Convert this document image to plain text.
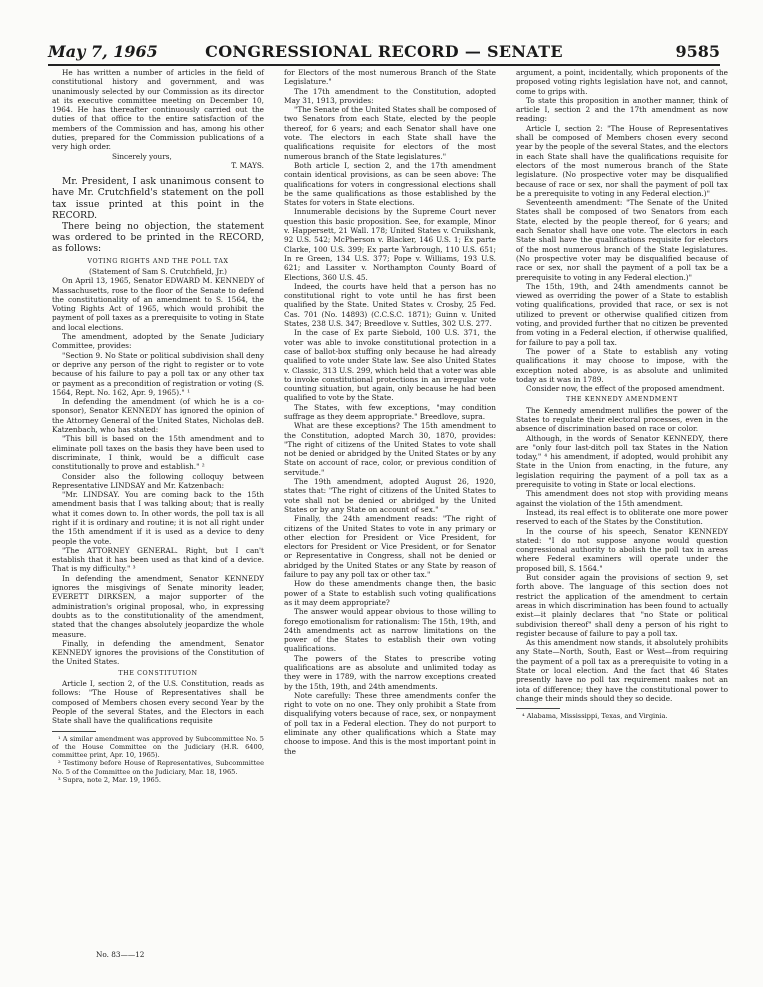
May 7, 1965	CONGRESSIONAL RECORD — SENATE	9585

He has written a number of articles in the field of constitutional history and government, and was unanimously selected by our Commission as its director at its executive committee meeting on December 10, 1964. He has thereafter continuously carried out the duties of that office to the entire satisfaction of the members of the Commission and has, among his other duties, prepared for the Commission publications of a very high order.

Sincerely yours,

T. MAYS.

Mr. President, I ask unanimous consent to have Mr. Crutchfield's statement on the poll tax issue printed at this point in the RECORD.

There being no objection, the statement was ordered to be printed in the RECORD, as follows:

VOTING RIGHTS AND THE POLL TAX

(Statement of Sam S. Crutchfield, Jr.)

On April 13, 1965, Senator EDWARD M. KENNEDY of Massachusetts, rose to the floor of the Senate to defend the constitutionality of an amendment to S. 1564, the Voting Rights Act of 1965, which would prohibit the payment of poll taxes as a prerequisite to voting in State and local elections.

The amendment, adopted by the Senate Judiciary Committee, provides:

"Section 9. No State or political subdivision shall deny or deprive any person of the right to register or to vote because of his failure to pay a poll tax or any other tax or payment as a precondition of registration or voting (S. 1564, Rept. No. 162, Apr. 9, 1965)." ¹

In defending the amendment (of which he is a co-sponsor), Senator KENNEDY has ignored the opinion of the Attorney General of the United States, Nicholas deB. Katzenbach, who has stated:

"This bill is based on the 15th amendment and to eliminate poll taxes on the basis they have been used to discriminate, I think, would be a difficult case constitutionally to prove and establish." ²

Consider also the following colloquy between Representative LINDSAY and Mr. Katzenbach:

"Mr. LINDSAY. You are coming back to the 15th amendment basis that I was talking about; that is really what it comes down to. In other words, the poll tax is all right if it is ordinary and routine; it is not all right under the 15th amendment if it is used as a device to deny people the vote.

"The ATTORNEY GENERAL. Right, but I can't establish that it has been used as that kind of a device. That is my difficulty." ³

In defending the amendment, Senator KENNEDY ignores the misgivings of Senate minority leader, EVERETT DIRKSEN, a major supporter of the administration's original proposal, who, in expressing doubts as to the constitutionality of the amendment, stated that the changes absolutely jeopardize the whole measure.

Finally, in defending the amendment, Senator KENNEDY ignores the provisions of the Constitution of the United States.

THE CONSTITUTION

Article I, section 2, of the U.S. Constitution, reads as follows: "The House of Representatives shall be composed of Members chosen every second Year by the People of the several States, and the Electors in each State shall have the qualifications requisite

¹ A similar amendment was approved by Subcommittee No. 5 of the House Committee on the Judiciary (H.R. 6400, committee print, Apr. 10, 1965).

² Testimony before House of Representatives, Subcommittee No. 5 of the Committee on the Judiciary, Mar. 18, 1965.

³ Supra, note 2, Mar. 19, 1965.

for Electors of the most numerous Branch of the State Legislature."

The 17th amendment to the Constitution, adopted May 31, 1913, provides:

"The Senate of the United States shall be composed of two Senators from each State, elected by the people thereof, for 6 years; and each Senator shall have one vote. The electors in each State shall have the qualifications requisite for electors of the most numerous branch of the State legislatures."

Both article I, section 2, and the 17th amendment contain identical provisions, as can be seen above: The qualifications for voters in congressional elections shall be the same qualifications as those established by the States for voters in State elections.

Innumerable decisions by the Supreme Court never question this basic proposition. See, for example, Minor v. Happersett, 21 Wall. 178; United States v. Cruikshank, 92 U.S. 542; McPherson v. Blacker, 146 U.S. 1; Ex parte Clarke, 100 U.S. 399; Ex parte Yarbrough, 110 U.S. 651; In re Green, 134 U.S. 377; Pope v. Williams, 193 U.S. 621; and Lassiter v. Northampton County Board of Elections, 360 U.S. 45.

Indeed, the courts have held that a person has no constitutional right to vote until he has first been qualified by the State. United States v. Crosby, 25 Fed. Cas. 701 (No. 14893) (C.C.S.C. 1871); Guinn v. United States, 238 U.S. 347; Breedlove v. Suttles, 302 U.S. 277.

In the case of Ex parte Siebold, 100 U.S. 371, the voter was able to invoke constitutional protection in a case of ballot-box stuffing only because he had already qualified to vote under State law. See also United States v. Classic, 313 U.S. 299, which held that a voter was able to invoke constitutional protections in an irregular vote counting situation, but again, only because he had been qualified to vote by the State.

The States, with few exceptions, "may condition suffrage as they deem appropriate." Breedlove, supra.

What are these exceptions? The 15th amendment to the Constitution, adopted March 30, 1870, provides: "The right of citizens of the United States to vote shall not be denied or abridged by the United States or by any State on account of race, color, or previous condition of servitude."

The 19th amendment, adopted August 26, 1920, states that: "The right of citizens of the United States to vote shall not be denied or abridged by the United States or by any State on account of sex."

Finally, the 24th amendment reads: "The right of citizens of the United States to vote in any primary or other election for President or Vice President, for electors for President or Vice President, or for Senator or Representative in Congress, shall not be denied or abridged by the United States or any State by reason of failure to pay any poll tax or other tax."

How do these amendments change then, the basic power of a State to establish such voting qualifications as it may deem appropriate?

The answer would appear obvious to those willing to forego emotionalism for rationalism: The 15th, 19th, and 24th amendments act as narrow limitations on the power of the States to establish their own voting qualifications.

The powers of the States to prescribe voting qualifications are as absolute and unlimited today as they were in 1789, with the narrow exceptions created by the 15th, 19th, and 24th amendments.

Note carefully: These three amendments confer the right to vote on no one. They only prohibit a State from disqualifying voters because of race, sex, or nonpayment of poll tax in a Federal election. They do not purport to eliminate any other qualifications which a State may choose to impose. And this is the most important point in the

argument, a point, incidentally, which proponents of the proposed voting rights legislation have not, and cannot, come to grips with.

To state this proposition in another manner, think of article I, section 2 and the 17th amendment as now reading:

Article I, section 2: "The House of Representatives shall be composed of Members chosen every second year by the people of the several States, and the electors in each State shall have the qualifications requisite for electors of the most numerous branch of the State legislature. (No prospective voter may be disqualified because of race or sex, nor shall the payment of poll tax be a prerequisite to voting in any Federal election.)"

Seventeenth amendment: "The Senate of the United States shall be composed of two Senators from each State, elected by the people thereof, for 6 years; and each Senator shall have one vote. The electors in each State shall have the qualifications requisite for electors of the most numerous branch of the State legislatures. (No prospective voter may be disqualified because of race or sex, nor shall the payment of a poll tax be a prerequisite to voting in any Federal election.)"

The 15th, 19th, and 24th amendments cannot be viewed as overriding the power of a State to establish voting qualifications, provided that race, or sex is not utilized to prevent or otherwise qualified citizen from voting, and provided further that no citizen be prevented from voting in a Federal election, if otherwise qualified, for failure to pay a poll tax.

The power of a State to establish any voting qualifications it may choose to impose, with the exception noted above, is as absolute and unlimited today as it was in 1789.

Consider now, the effect of the proposed amendment.

THE KENNEDY AMENDMENT

The Kennedy amendment nullifies the power of the States to regulate their electoral processes, even in the absence of discrimination based on race or color.

Although, in the words of Senator KENNEDY, there are "only four last-ditch poll tax States in the Nation today," ⁴ his amendment, if adopted, would prohibit any State in the Union from enacting, in the future, any legislation requiring the payment of a poll tax as a prerequisite to voting in State or local elections.

This amendment does not stop with providing means against the violation of the 15th amendment.

Instead, its real effect is to obliterate one more power reserved to each of the States by the Constitution.

In the course of his speech, Senator KENNEDY stated: "I do not suppose anyone would question congressional authority to abolish the poll tax in areas where Federal examiners will operate under the proposed bill, S. 1564."

But consider again the provisions of section 9, set forth above. The language of this section does not restrict the application of the amendment to certain areas in which discrimination has been found to actually exist—it plainly declares that "no State or political subdivision thereof" shall deny a person of his right to register because of failure to pay a poll tax.

As this amendment now stands, it absolutely prohibits any State—North, South, East or West—from requiring the payment of a poll tax as a prerequisite to voting in a State or local election. And the fact that 46 States presently have no poll tax requirement makes not an iota of difference; they have the constitutional power to change their minds should they so decide.

⁴ Alabama, Mississippi, Texas, and Virginia.

No. 83——12
